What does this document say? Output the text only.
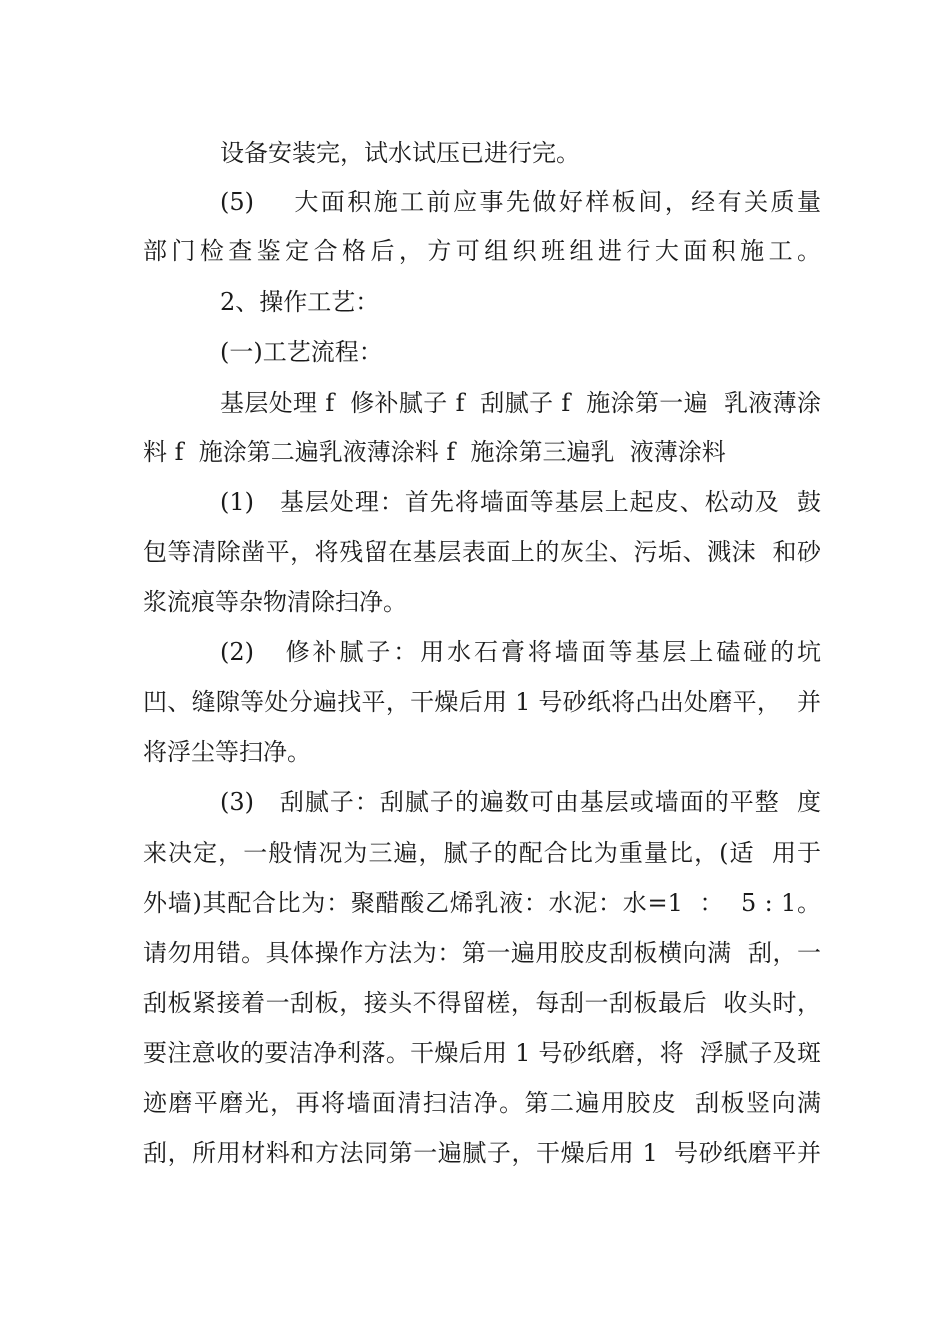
设备安装完，试水试压已进行完。
(5)    大面积施工前应事先做好样板间，经有关质量
部门检查鉴定合格后，方可组织班组进行大面积施工。
2、操作工艺：
(一)工艺流程：
基层处理 f  修补腻子 f  刮腻子 f  施涂第一遍  乳液薄涂
料 f  施涂第二遍乳液薄涂料 f  施涂第三遍乳  液薄涂料
(1)   基层处理：首先将墙面等基层上起皮、松动及  鼓
包等清除凿平，将残留在基层表面上的灰尘、污垢、溅沫  和砂
浆流痕等杂物清除扫净。
(2)   修补腻子：用水石膏将墙面等基层上磕碰的坑
凹、缝隙等处分遍找平，干燥后用 1 号砂纸将凸出处磨平，  并
将浮尘等扫净。
(3)   刮腻子：刮腻子的遍数可由基层或墙面的平整  度
来决定，一般情况为三遍，腻子的配合比为重量比，(适  用于
外墙)其配合比为：聚醋酸乙烯乳液：水泥：水=1  ：  5 : 1。
请勿用错。具体操作方法为：第一遍用胶皮刮板横向满  刮，一
刮板紧接着一刮板，接头不得留槎，每刮一刮板最后  收头时，
要注意收的要洁净利落。干燥后用 1 号砂纸磨，将  浮腻子及斑
迹磨平磨光，再将墙面清扫洁净。第二遍用胶皮  刮板竖向满
刮，所用材料和方法同第一遍腻子，干燥后用 1  号砂纸磨平并
